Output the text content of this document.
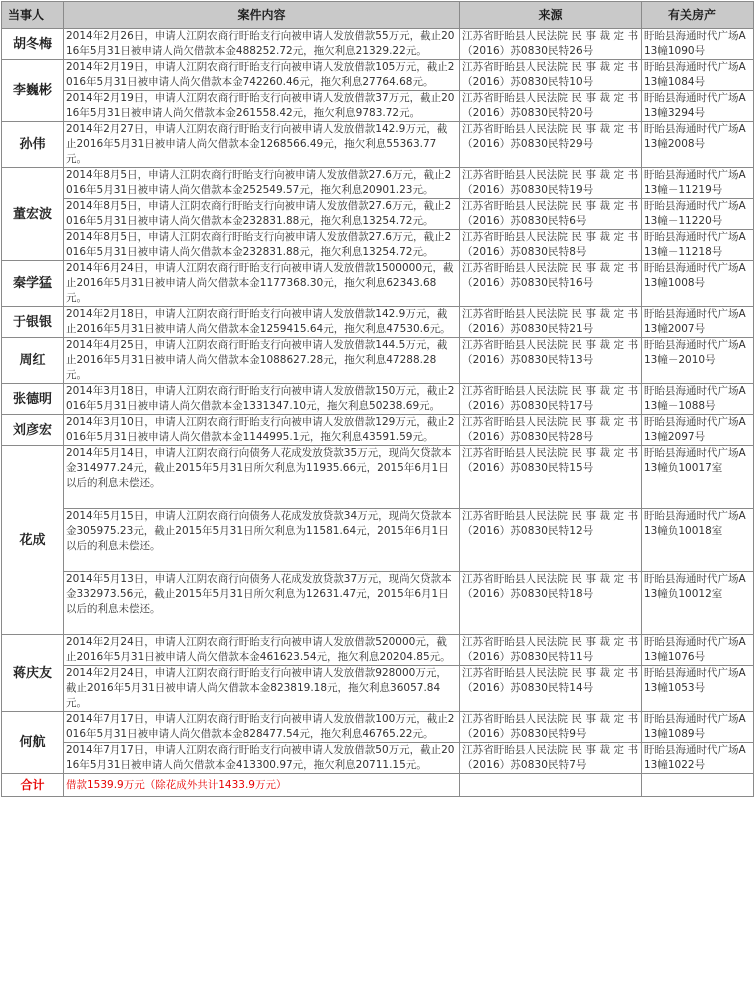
当事人	案件内容	来源	有关房产
胡冬梅	2014年2月26日，申请人江阴农商行盱眙支行向被申请人发放借款55万元，截止2016年5月31日被申请人尚欠借款本金488252.72元，拖欠利息21329.22元。	江苏省盱眙县人民法院 民 事 裁 定 书 （2016）苏0830民特26号	盱眙县海通时代广场A13幢1090号
李巍彬	2014年2月19日，申请人江阴农商行盱眙支行向被申请人发放借款105万元，截止2016年5月31日被申请人尚欠借款本金742260.46元，拖欠利息27764.68元。	江苏省盱眙县人民法院 民 事 裁 定 书 （2016）苏0830民特10号	盱眙县海通时代广场A13幢1084号
	2014年2月19日，申请人江阴农商行盱眙支行向被申请人发放借款37万元，截止2016年5月31日被申请人尚欠借款本金261558.42元，拖欠利息9783.72元。	江苏省盱眙县人民法院 民 事 裁 定 书 （2016）苏0830民特20号	盱眙县海通时代广场A13幢3294号
孙伟	2014年2月27日，申请人江阴农商行盱眙支行向被申请人发放借款142.9万元，截止2016年5月31日被申请人尚欠借款本金1268566.49元，拖欠利息55363.77元。	江苏省盱眙县人民法院 民 事 裁 定 书 （2016）苏0830民特29号	盱眙县海通时代广场A13幢2008号
董宏波	2014年8月5日，申请人江阴农商行盱眙支行向被申请人发放借款27.6万元，截止2016年5月31日被申请人尚欠借款本金252549.57元，拖欠利息20901.23元。	江苏省盱眙县人民法院 民 事 裁 定 书 （2016）苏0830民特19号	盱眙县海通时代广场A13幢－11219号
	2014年8月5日，申请人江阴农商行盱眙支行向被申请人发放借款27.6万元，截止2016年5月31日被申请人尚欠借款本金232831.88元，拖欠利息13254.72元。	江苏省盱眙县人民法院 民 事 裁 定 书 （2016）苏0830民特6号	盱眙县海通时代广场A13幢－11220号
	2014年8月5日，申请人江阴农商行盱眙支行向被申请人发放借款27.6万元，截止2016年5月31日被申请人尚欠借款本金232831.88元，拖欠利息13254.72元。	江苏省盱眙县人民法院 民 事 裁 定 书 （2016）苏0830民特8号	盱眙县海通时代广场A13幢－11218号
秦学猛	2014年6月24日，申请人江阴农商行盱眙支行向被申请人发放借款1500000元，截止2016年5月31日被申请人尚欠借款本金1177368.30元，拖欠利息62343.68元。	江苏省盱眙县人民法院 民 事 裁 定 书 （2016）苏0830民特16号	盱眙县海通时代广场A13幢1008号
于银银	2014年2月18日，申请人江阴农商行盱眙支行向被申请人发放借款142.9万元，截止2016年5月31日被申请人尚欠借款本金1259415.64元，拖欠利息47530.6元。	江苏省盱眙县人民法院 民 事 裁 定 书 （2016）苏0830民特21号	盱眙县海通时代广场A13幢2007号
周红	2014年4月25日，申请人江阴农商行盱眙支行向被申请人发放借款144.5万元，截止2016年5月31日被申请人尚欠借款本金1088627.28元，拖欠利息47288.28元。	江苏省盱眙县人民法院 民 事 裁 定 书 （2016）苏0830民特13号	盱眙县海通时代广场A13幢－2010号
张德明	2014年3月18日，申请人江阴农商行盱眙支行向被申请人发放借款150万元，截止2016年5月31日被申请人尚欠借款本金1331347.10元，拖欠利息50238.69元。	江苏省盱眙县人民法院 民 事 裁 定 书 （2016）苏0830民特17号	盱眙县海通时代广场A13幢－1088号
刘彦宏	2014年3月10日，申请人江阴农商行盱眙支行向被申请人发放借款129万元，截止2016年5月31日被申请人尚欠借款本金1144995.1元，拖欠利息43591.59元。	江苏省盱眙县人民法院 民 事 裁 定 书 （2016）苏0830民特28号	盱眙县海通时代广场A13幢2097号
花成	2014年5月14日，申请人江阴农商行向债务人花成发放贷款35万元，现尚欠贷款本金314977.24元，截止2015年5月31日所欠利息为11935.66元，2015年6月1日以后的利息未偿还。	江苏省盱眙县人民法院 民 事 裁 定 书 （2016）苏0830民特15号	盱眙县海通时代广场A13幢负10017室
	2014年5月15日，申请人江阴农商行向债务人花成发放贷款34万元，现尚欠贷款本金305975.23元，截止2015年5月31日所欠利息为11581.64元，2015年6月1日以后的利息未偿还。	江苏省盱眙县人民法院 民 事 裁 定 书 （2016）苏0830民特12号	盱眙县海通时代广场A13幢负10018室
	2014年5月13日，申请人江阴农商行向债务人花成发放贷款37万元，现尚欠贷款本金332973.56元，截止2015年5月31日所欠利息为12631.47元，2015年6月1日以后的利息未偿还。	江苏省盱眙县人民法院 民 事 裁 定 书 （2016）苏0830民特18号	盱眙县海通时代广场A13幢负10012室
蒋庆友	2014年2月24日，申请人江阴农商行盱眙支行向被申请人发放借款520000元，截止2016年5月31日被申请人尚欠借款本金461623.54元，拖欠利息20204.85元。	江苏省盱眙县人民法院 民 事 裁 定 书 （2016）苏0830民特11号	盱眙县海通时代广场A13幢1076号
	2014年2月24日，申请人江阴农商行盱眙支行向被申请人发放借款928000万元，截止2016年5月31日被申请人尚欠借款本金823819.18元，拖欠利息36057.84元。	江苏省盱眙县人民法院 民 事 裁 定 书 （2016）苏0830民特14号	盱眙县海通时代广场A13幢1053号
何航	2014年7月17日，申请人江阴农商行盱眙支行向被申请人发放借款100万元，截止2016年5月31日被申请人尚欠借款本金828477.54元，拖欠利息46765.22元。	江苏省盱眙县人民法院 民 事 裁 定 书 （2016）苏0830民特9号	盱眙县海通时代广场A13幢1089号
	2014年7月17日，申请人江阴农商行盱眙支行向被申请人发放借款50万元，截止2016年5月31日被申请人尚欠借款本金413300.97元，拖欠利息20711.15元。	江苏省盱眙县人民法院 民 事 裁 定 书 （2016）苏0830民特7号	盱眙县海通时代广场A13幢1022号
合计	借款1539.9万元（除花成外共计1433.9万元）		
